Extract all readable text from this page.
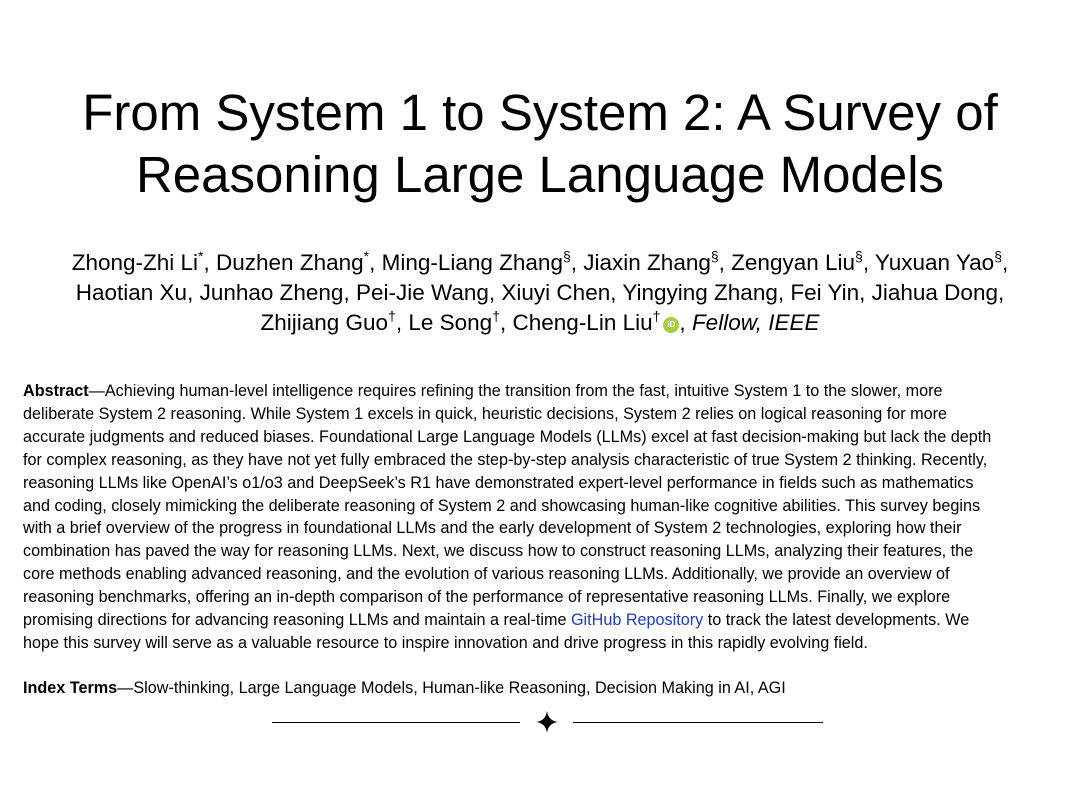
From System 1 to System 2: A Survey of
Reasoning Large Language Models
Zhong-Zhi Li*, Duzhen Zhang*, Ming-Liang Zhang§, Jiaxin Zhang§, Zengyan Liu§, Yuxuan Yao§,
Haotian Xu, Junhao Zheng, Pei-Jie Wang, Xiuyi Chen, Yingying Zhang, Fei Yin, Jiahua Dong,
Zhijiang Guo†, Le Song†, Cheng-Lin Liu†iD , Fellow, IEEE
Abstract—Achieving human-level intelligence requires refining the transition from the fast, intuitive System 1 to the slower, more
deliberate System 2 reasoning. While System 1 excels in quick, heuristic decisions, System 2 relies on logical reasoning for more
accurate judgments and reduced biases. Foundational Large Language Models (LLMs) excel at fast decision-making but lack the depth
for complex reasoning, as they have not yet fully embraced the step-by-step analysis characteristic of true System 2 thinking. Recently,
reasoning LLMs like OpenAI’s o1/o3 and DeepSeek’s R1 have demonstrated expert-level performance in fields such as mathematics
and coding, closely mimicking the deliberate reasoning of System 2 and showcasing human-like cognitive abilities. This survey begins
with a brief overview of the progress in foundational LLMs and the early development of System 2 technologies, exploring how their
combination has paved the way for reasoning LLMs. Next, we discuss how to construct reasoning LLMs, analyzing their features, the
core methods enabling advanced reasoning, and the evolution of various reasoning LLMs. Additionally, we provide an overview of
reasoning benchmarks, offering an in-depth comparison of the performance of representative reasoning LLMs. Finally, we explore
promising directions for advancing reasoning LLMs and maintain a real-time GitHub Repository to track the latest developments. We
hope this survey will serve as a valuable resource to inspire innovation and drive progress in this rapidly evolving field.
Index Terms—Slow-thinking, Large Language Models, Human-like Reasoning, Decision Making in AI, AGI
